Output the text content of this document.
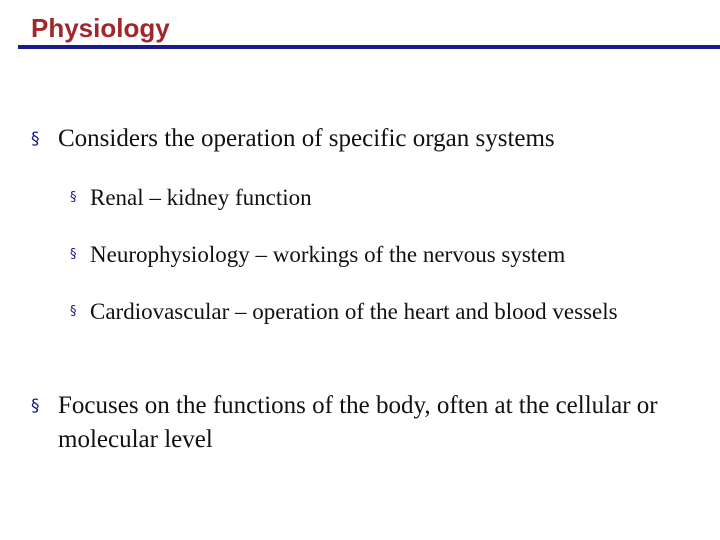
Physiology
§ Considers the operation of specific organ systems
§ Renal – kidney function
§ Neurophysiology – workings of the nervous system
§ Cardiovascular – operation of the heart and blood vessels
§ Focuses on the functions of the body, often at the cellular or molecular level
